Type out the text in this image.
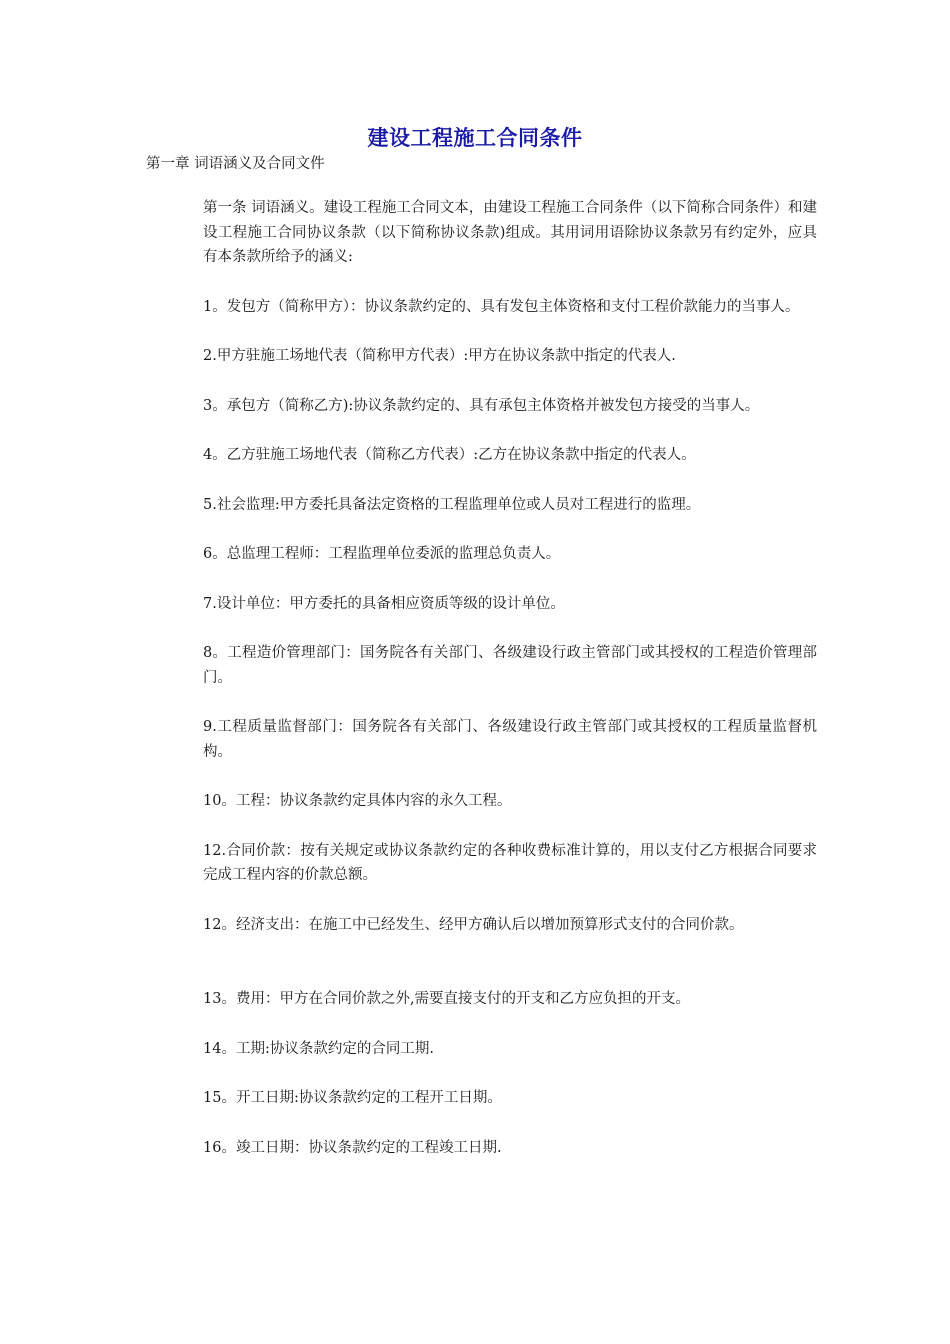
建设工程施工合同条件
第一章 词语涵义及合同文件

第一条 词语涵义。建设工程施工合同文本，由建设工程施工合同条件（以下简称合同条件）和建设工程施工合同协议条款（以下简称协议条款)组成。其用词用语除协议条款另有约定外，应具有本条款所给予的涵义:

1。发包方（简称甲方）：协议条款约定的、具有发包主体资格和支付工程价款能力的当事人。

2.甲方驻施工场地代表（简称甲方代表）:甲方在协议条款中指定的代表人.

3。承包方（简称乙方):协议条款约定的、具有承包主体资格并被发包方接受的当事人。

4。乙方驻施工场地代表（简称乙方代表）:乙方在协议条款中指定的代表人。

5.社会监理:甲方委托具备法定资格的工程监理单位或人员对工程进行的监理。

6。总监理工程师：工程监理单位委派的监理总负责人。

7.设计单位：甲方委托的具备相应资质等级的设计单位。

8。工程造价管理部门：国务院各有关部门、各级建设行政主管部门或其授权的工程造价管理部门。

9.工程质量监督部门：国务院各有关部门、各级建设行政主管部门或其授权的工程质量监督机构。

10。工程：协议条款约定具体内容的永久工程。

12.合同价款：按有关规定或协议条款约定的各种收费标准计算的，用以支付乙方根据合同要求完成工程内容的价款总额。

12。经济支出：在施工中已经发生、经甲方确认后以增加预算形式支付的合同价款。

13。费用：甲方在合同价款之外,需要直接支付的开支和乙方应负担的开支。

14。工期:协议条款约定的合同工期.

15。开工日期:协议条款约定的工程开工日期。

16。竣工日期：协议条款约定的工程竣工日期.
